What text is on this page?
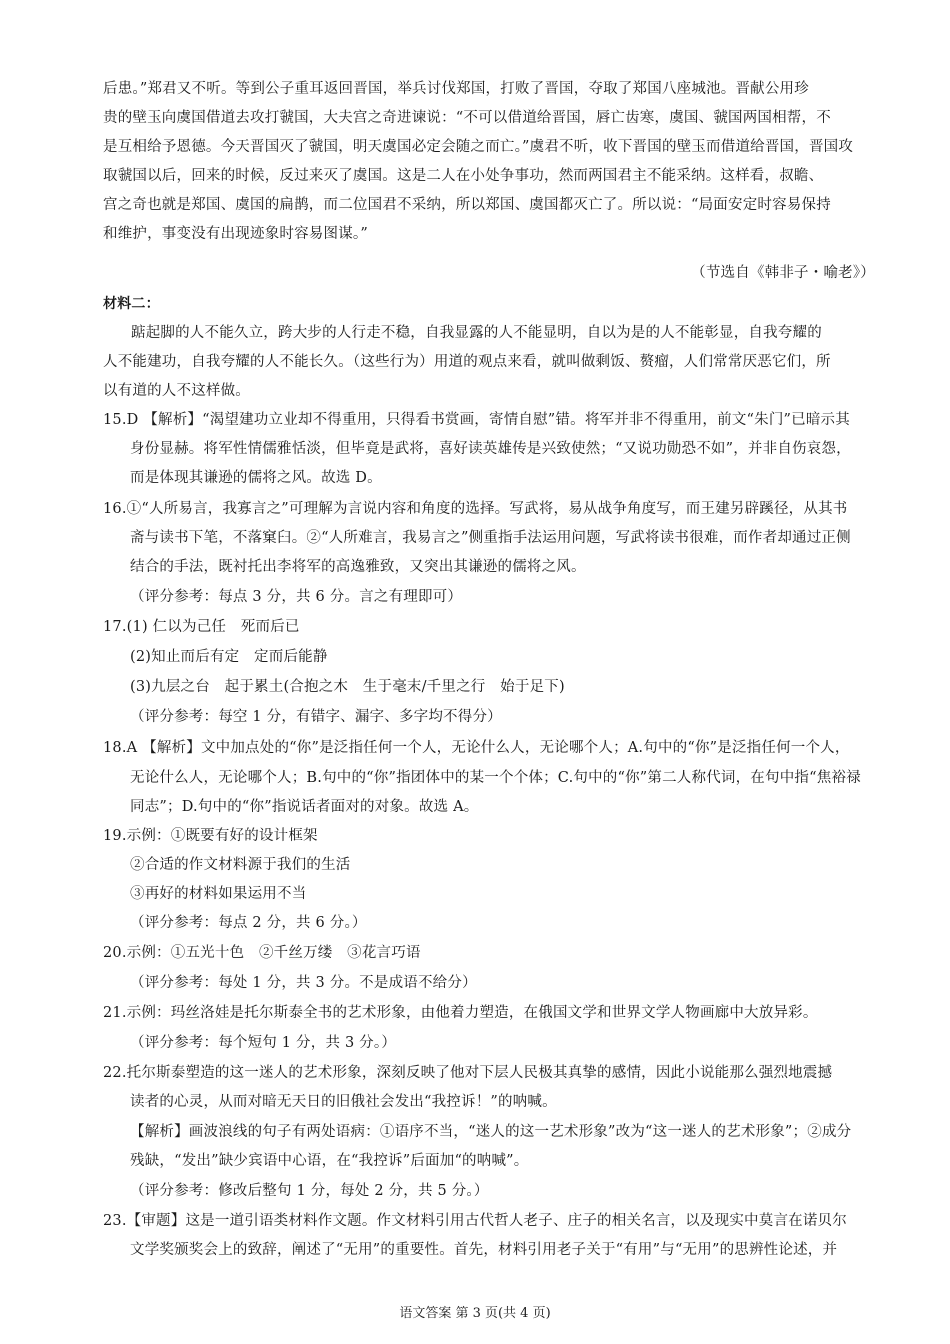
后患。”郑君又不听。等到公子重耳返回晋国，举兵讨伐郑国，打败了晋国，夺取了郑国八座城池。晋献公用珍
贵的壁玉向虞国借道去攻打虢国，大夫宫之奇进谏说：“不可以借道给晋国，唇亡齿寒，虞国、虢国两国相帮，不
是互相给予恩德。今天晋国灭了虢国，明天虞国必定会随之而亡。”虞君不听，收下晋国的壁玉而借道给晋国，晋国攻
取虢国以后，回来的时候，反过来灭了虞国。这是二人在小处争事功，然而两国君主不能采纳。这样看，叔瞻、
宫之奇也就是郑国、虞国的扁鹊，而二位国君不采纳，所以郑国、虞国都灭亡了。所以说：“局面安定时容易保持
和维护，事变没有出现迹象时容易图谋。”
（节选自《韩非子・喻老》）
材料二：
踮起脚的人不能久立，跨大步的人行走不稳，自我显露的人不能显明，自以为是的人不能彰显，自我夸耀的
人不能建功，自我夸耀的人不能长久。（这些行为）用道的观点来看，就叫做剩饭、赘瘤，人们常常厌恶它们，所
以有道的人不这样做。
15.D 【解析】“渴望建功立业却不得重用，只得看书赏画，寄情自慰”错。将军并非不得重用，前文“朱门”已暗示其
身份显赫。将军性情儒雅恬淡，但毕竟是武将，喜好读英雄传是兴致使然；“又说功勋恐不如”，并非自伤哀怨，
而是体现其谦逊的儒将之风。故选 D。
16.①“人所易言，我寡言之”可理解为言说内容和角度的选择。写武将，易从战争角度写，而王建另辟蹊径，从其书
斋与读书下笔，不落窠臼。②“人所难言，我易言之”侧重指手法运用问题，写武将读书很难，而作者却通过正侧
结合的手法，既衬托出李将军的高逸雅致，又突出其谦逊的儒将之风。
（评分参考：每点 3 分，共 6 分。言之有理即可）
17.(1) 仁以为己任　死而后已
(2)知止而后有定　定而后能静
(3)九层之台　起于累土(合抱之木　生于毫末/千里之行　始于足下)
（评分参考：每空 1 分，有错字、漏字、多字均不得分）
18.A 【解析】文中加点处的“你”是泛指任何一个人，无论什么人，无论哪个人；A.句中的“你”是泛指任何一个人，
无论什么人，无论哪个人；B.句中的“你”指团体中的某一个个体；C.句中的“你”第二人称代词，在句中指“焦裕禄
同志”；D.句中的“你”指说话者面对的对象。故选 A。
19.示例：①既要有好的设计框架
②合适的作文材料源于我们的生活
③再好的材料如果运用不当
（评分参考：每点 2 分，共 6 分。）
20.示例：①五光十色　②千丝万缕　③花言巧语
（评分参考：每处 1 分，共 3 分。不是成语不给分）
21.示例：玛丝洛娃是托尔斯泰全书的艺术形象，由他着力塑造，在俄国文学和世界文学人物画廊中大放异彩。
（评分参考：每个短句 1 分，共 3 分。）
22.托尔斯泰塑造的这一迷人的艺术形象，深刻反映了他对下层人民极其真挚的感情，因此小说能那么强烈地震撼
读者的心灵，从而对暗无天日的旧俄社会发出“我控诉！”的呐喊。
【解析】画波浪线的句子有两处语病：①语序不当，“迷人的这一艺术形象”改为“这一迷人的艺术形象”；②成分
残缺，“发出”缺少宾语中心语，在“我控诉”后面加“的呐喊”。
（评分参考：修改后整句 1 分，每处 2 分，共 5 分。）
23.【审题】这是一道引语类材料作文题。作文材料引用古代哲人老子、庄子的相关名言，以及现实中莫言在诺贝尔
文学奖颁奖会上的致辞，阐述了“无用”的重要性。首先，材料引用老子关于“有用”与“无用”的思辨性论述，并
语文答案 第 3 页(共 4 页)
